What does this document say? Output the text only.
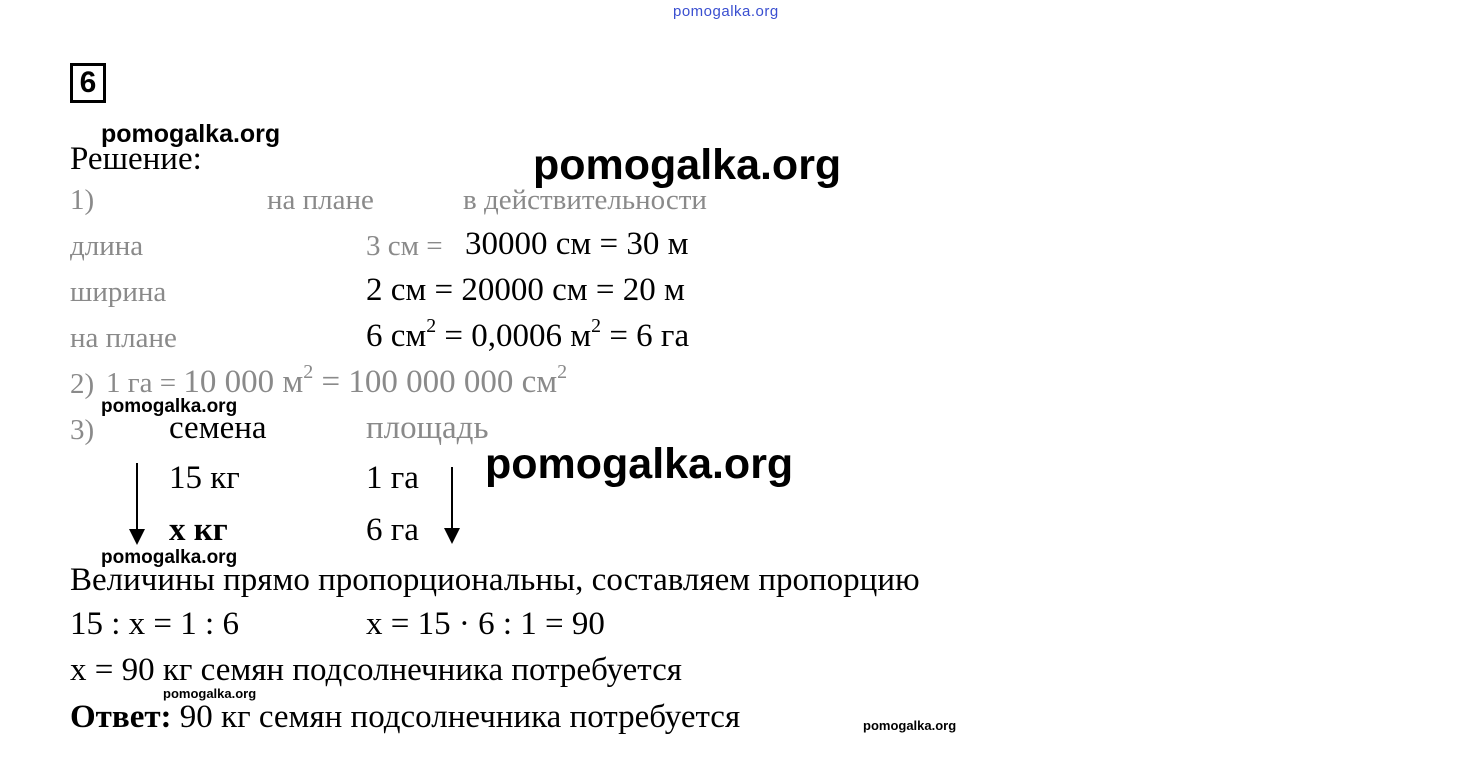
pomogalka.org
6
pomogalka.org
pomogalka.org
pomogalka.org
pomogalka.org
pomogalka.org
pomogalka.org
pomogalka.org
Решение:
1)	на плане	в действительности
длина	3 см = 30000 см = 30 м
ширина	2 см = 20000 см = 20 м
на плане	6 $см^2 = 0,0006$ $м^2 = 6$ га
2) 1 га = 10 000 $м^2 = 100$ 000 000 $см^2$
3) семена	площадь
15 кг	1 га
х кг	6 га
Величины прямо пропорциональны, составляем пропорцию
15 : х = 1 : 6	х = 15 · 6 : 1 = 90
х = 90 кг семян подсолнечника потребуется
Ответ: 90 кг семян подсолнечника потребуется
